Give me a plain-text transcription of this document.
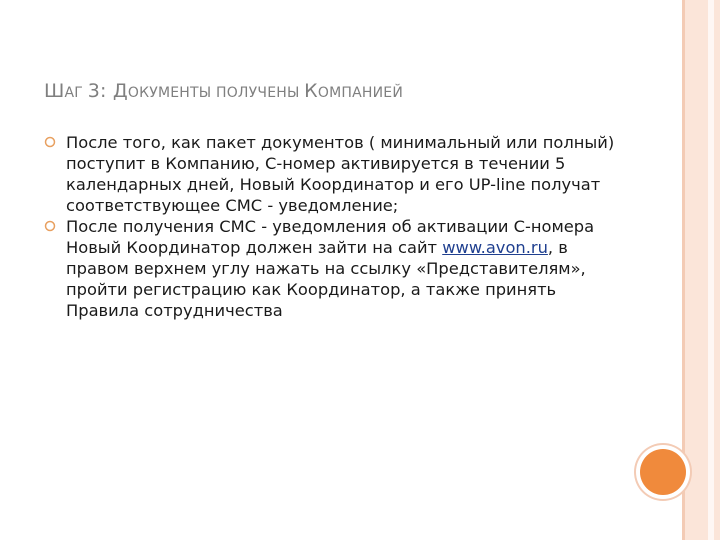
ШАГ 3: ДОКУМЕНТЫ ПОЛУЧЕНЫ КОМПАНИЕЙ
После того, как пакет документов ( минимальный или полный) поступит в Компанию, С-номер активируется в течении 5 календарных дней, Новый Координатор и его UP-line получат соответствующее СМС - уведомление;
После получения СМС - уведомления об активации С-номера Новый Координатор должен зайти на сайт www.avon.ru, в правом верхнем углу нажать на ссылку «Представителям», пройти регистрацию как Координатор, а также принять Правила сотрудничества
